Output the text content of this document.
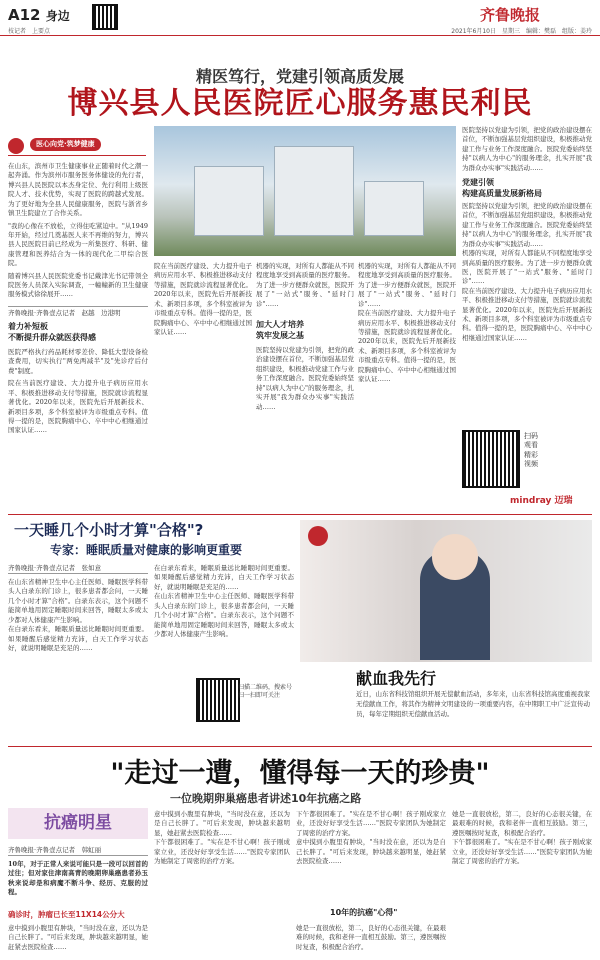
A12 身边
枝记者　上要点
齐鲁晚报
2021年6月10日　星期三　编辑：樊磊　组版：姜玲
精医笃行，党建引领高质发展
博兴县人民医院匠心服务惠民利民
医心向党·筑梦健康

在山东，滨州市卫生健康事业正随着时代之潮一起奔涌。作为滨州市服务医务体健设的先行者，博兴县人民医院以本杰身定位、先行利用上级医院人才、技术优势，实现了医院的跨越式发展。为了更好地为全县人民健康服务，医院与浙省乡镇卫生院建立了合作关系。

"我的心像在不放松，立得住吃紧迫中。"从1949年开始，经过几奠基医人来不再维的努力，博兴县人民医院目前已经成为一所集医疗、科研、健康管理和医养结合为一体的现代化二甲综合医院。

随着博兴县人民医院党委书记戴津光书记带领全院医务人员深入实际调查，一幢幢新的卫生健康服务模式徐徐展开……

齐鲁晚报·齐鲁壹点记者　赵越　边港明
着力补短板
不断提升群众就医获得感

医院严格执行药品耗材零差价、降低大型设备检查费用，切实执行"两免两减半"及"先诊疗后付费"制度。

院在当前医疗建设、大力提升电子病历应用水平、积极推进移动支付等措施，医院就诊流程显著优化。2020年以来，医院先后开展新技术、新项目多项，多个科室被评为市级重点专科。值得一提的是，医院胸痛中心、卒中中心相继通过国家认证……

院在当前医疗建设、大力提升电子病历应用水平、积极推进移动支付等措施，医院就诊流程显著优化。2020年以来，医院先后开展新技术、新项目多项，多个科室被评为市级重点专科。值得一提的是，医院胸痛中心、卒中中心相继通过国家认证……

机器的实现，对所有人都能从不同程度地享受到高质量的医疗服务。为了进一步方便群众就医，医院开展了"一站式"服务、"延时门诊"……

加大人才培养
筑牢发展之基

医院坚持以党建为引领，把党的政治建设摆在首位，不断加强基层党组织建设，积极推动党建工作与业务工作深度融合。医院党委始终坚持"以病人为中心"的服务理念，扎实开展"我为群众办实事"实践活动……

机器的实现，对所有人都能从不同程度地享受到高质量的医疗服务。为了进一步方便群众就医，医院开展了"一站式"服务、"延时门诊"……

院在当前医疗建设、大力提升电子病历应用水平、积极推进移动支付等措施，医院就诊流程显著优化。2020年以来，医院先后开展新技术、新项目多项，多个科室被评为市级重点专科。值得一提的是，医院胸痛中心、卒中中心相继通过国家认证……

医院坚持以党建为引领，把党的政治建设摆在首位，不断加强基层党组织建设，积极推动党建工作与业务工作深度融合。医院党委始终坚持"以病人为中心"的服务理念，扎实开展"我为群众办实事"实践活动……

党建引领
构建高质量发展新格局

医院坚持以党建为引领，把党的政治建设摆在首位，不断加强基层党组织建设，积极推动党建工作与业务工作深度融合。医院党委始终坚持"以病人为中心"的服务理念，扎实开展"我为群众办实事"实践活动……

机器的实现，对所有人都能从不同程度地享受到高质量的医疗服务。为了进一步方便群众就医，医院开展了"一站式"服务、"延时门诊"……

院在当前医疗建设、大力提升电子病历应用水平、积极推进移动支付等措施，医院就诊流程显著优化。2020年以来，医院先后开展新技术、新项目多项，多个科室被评为市级重点专科。值得一提的是，医院胸痛中心、卒中中心相继通过国家认证……

扫码观看 精彩视频
mindray 迈瑞
一天睡几个小时才算"合格"?
专家：睡眠质量对健康的影响更重要
齐鲁晚报·齐鲁壹点记者　张如意

在山东省精神卫生中心主任医师、睡眠医学科带头人白录东的门诊上，很多患者都会问，一天睡几个小时才算"合格"。白录东表示，这个问题不能简单地用固定睡眠时间来回答，睡眠太多或太少都对人体健康产生影响。

在白录东看来，睡眠质量远比睡眠时间更重要。如果睡醒后感觉精力充沛，白天工作学习状态好，就说明睡眠是充足的……

在白录东看来，睡眠质量远比睡眠时间更重要。如果睡醒后感觉精力充沛，白天工作学习状态好，就说明睡眠是充足的……

在山东省精神卫生中心主任医师、睡眠医学科带头人白录东的门诊上，很多患者都会问，一天睡几个小时才算"合格"。白录东表示，这个问题不能简单地用固定睡眠时间来回答，睡眠太多或太少都对人体健康产生影响。

扫描二维码，搜索号
扫一扫即可关注
献血我先行
近日，山东省科技馆组织开展无偿献血活动，多年来，山东省科技馆高度重视我家无偿献血工作，将其作为精神文明建设的一项重要内容，在中期职工中广泛宣传动员，每年定期组织无偿献血活动。
"走过一遭，懂得每一天的珍贵"
一位晚期卵巢癌患者讲述10年抗癌之路
抗癌明星
齐鲁晚报·齐鲁壹点记者　韩虹丽
10年，对于正常人来说可能只是一段可以回首的过往；但对家住津南高青的晚期卵巢癌患者孙玉秋来说却是和病魔不断斗争、经历、克服的过程。
确诊时，肿瘤已长至11X14公分大
意中摸到小腹里有肿块，"当时没在意，还以为是自己长胖了。"可后来发现，肿块越来越明显，她赶紧去医院检查……

意中摸到小腹里有肿块，"当时没在意，还以为是自己长胖了。"可后来发现，肿块越来越明显，她赶紧去医院检查……

下午都很困难了。"实在是不甘心啊！孩子刚成家立业，还没好好享受生活……"医院专家团队为她制定了周密的治疗方案。

下午都很困难了。"实在是不甘心啊！孩子刚成家立业，还没好好享受生活……"医院专家团队为她制定了周密的治疗方案。

意中摸到小腹里有肿块，"当时没在意，还以为是自己长胖了。"可后来发现，肿块越来越明显，她赶紧去医院检查……

10年的抗癌"心得"
她是一直很放松，第二，良好的心态很关键，在最艰难的时候，我和老伴一直相互鼓励。第三，遵医嘱按时复查，积极配合治疗。

她是一直很放松，第二，良好的心态很关键，在最艰难的时候，我和老伴一直相互鼓励。第三，遵医嘱按时复查，积极配合治疗。

下午都很困难了。"实在是不甘心啊！孩子刚成家立业，还没好好享受生活……"医院专家团队为她制定了周密的治疗方案。
